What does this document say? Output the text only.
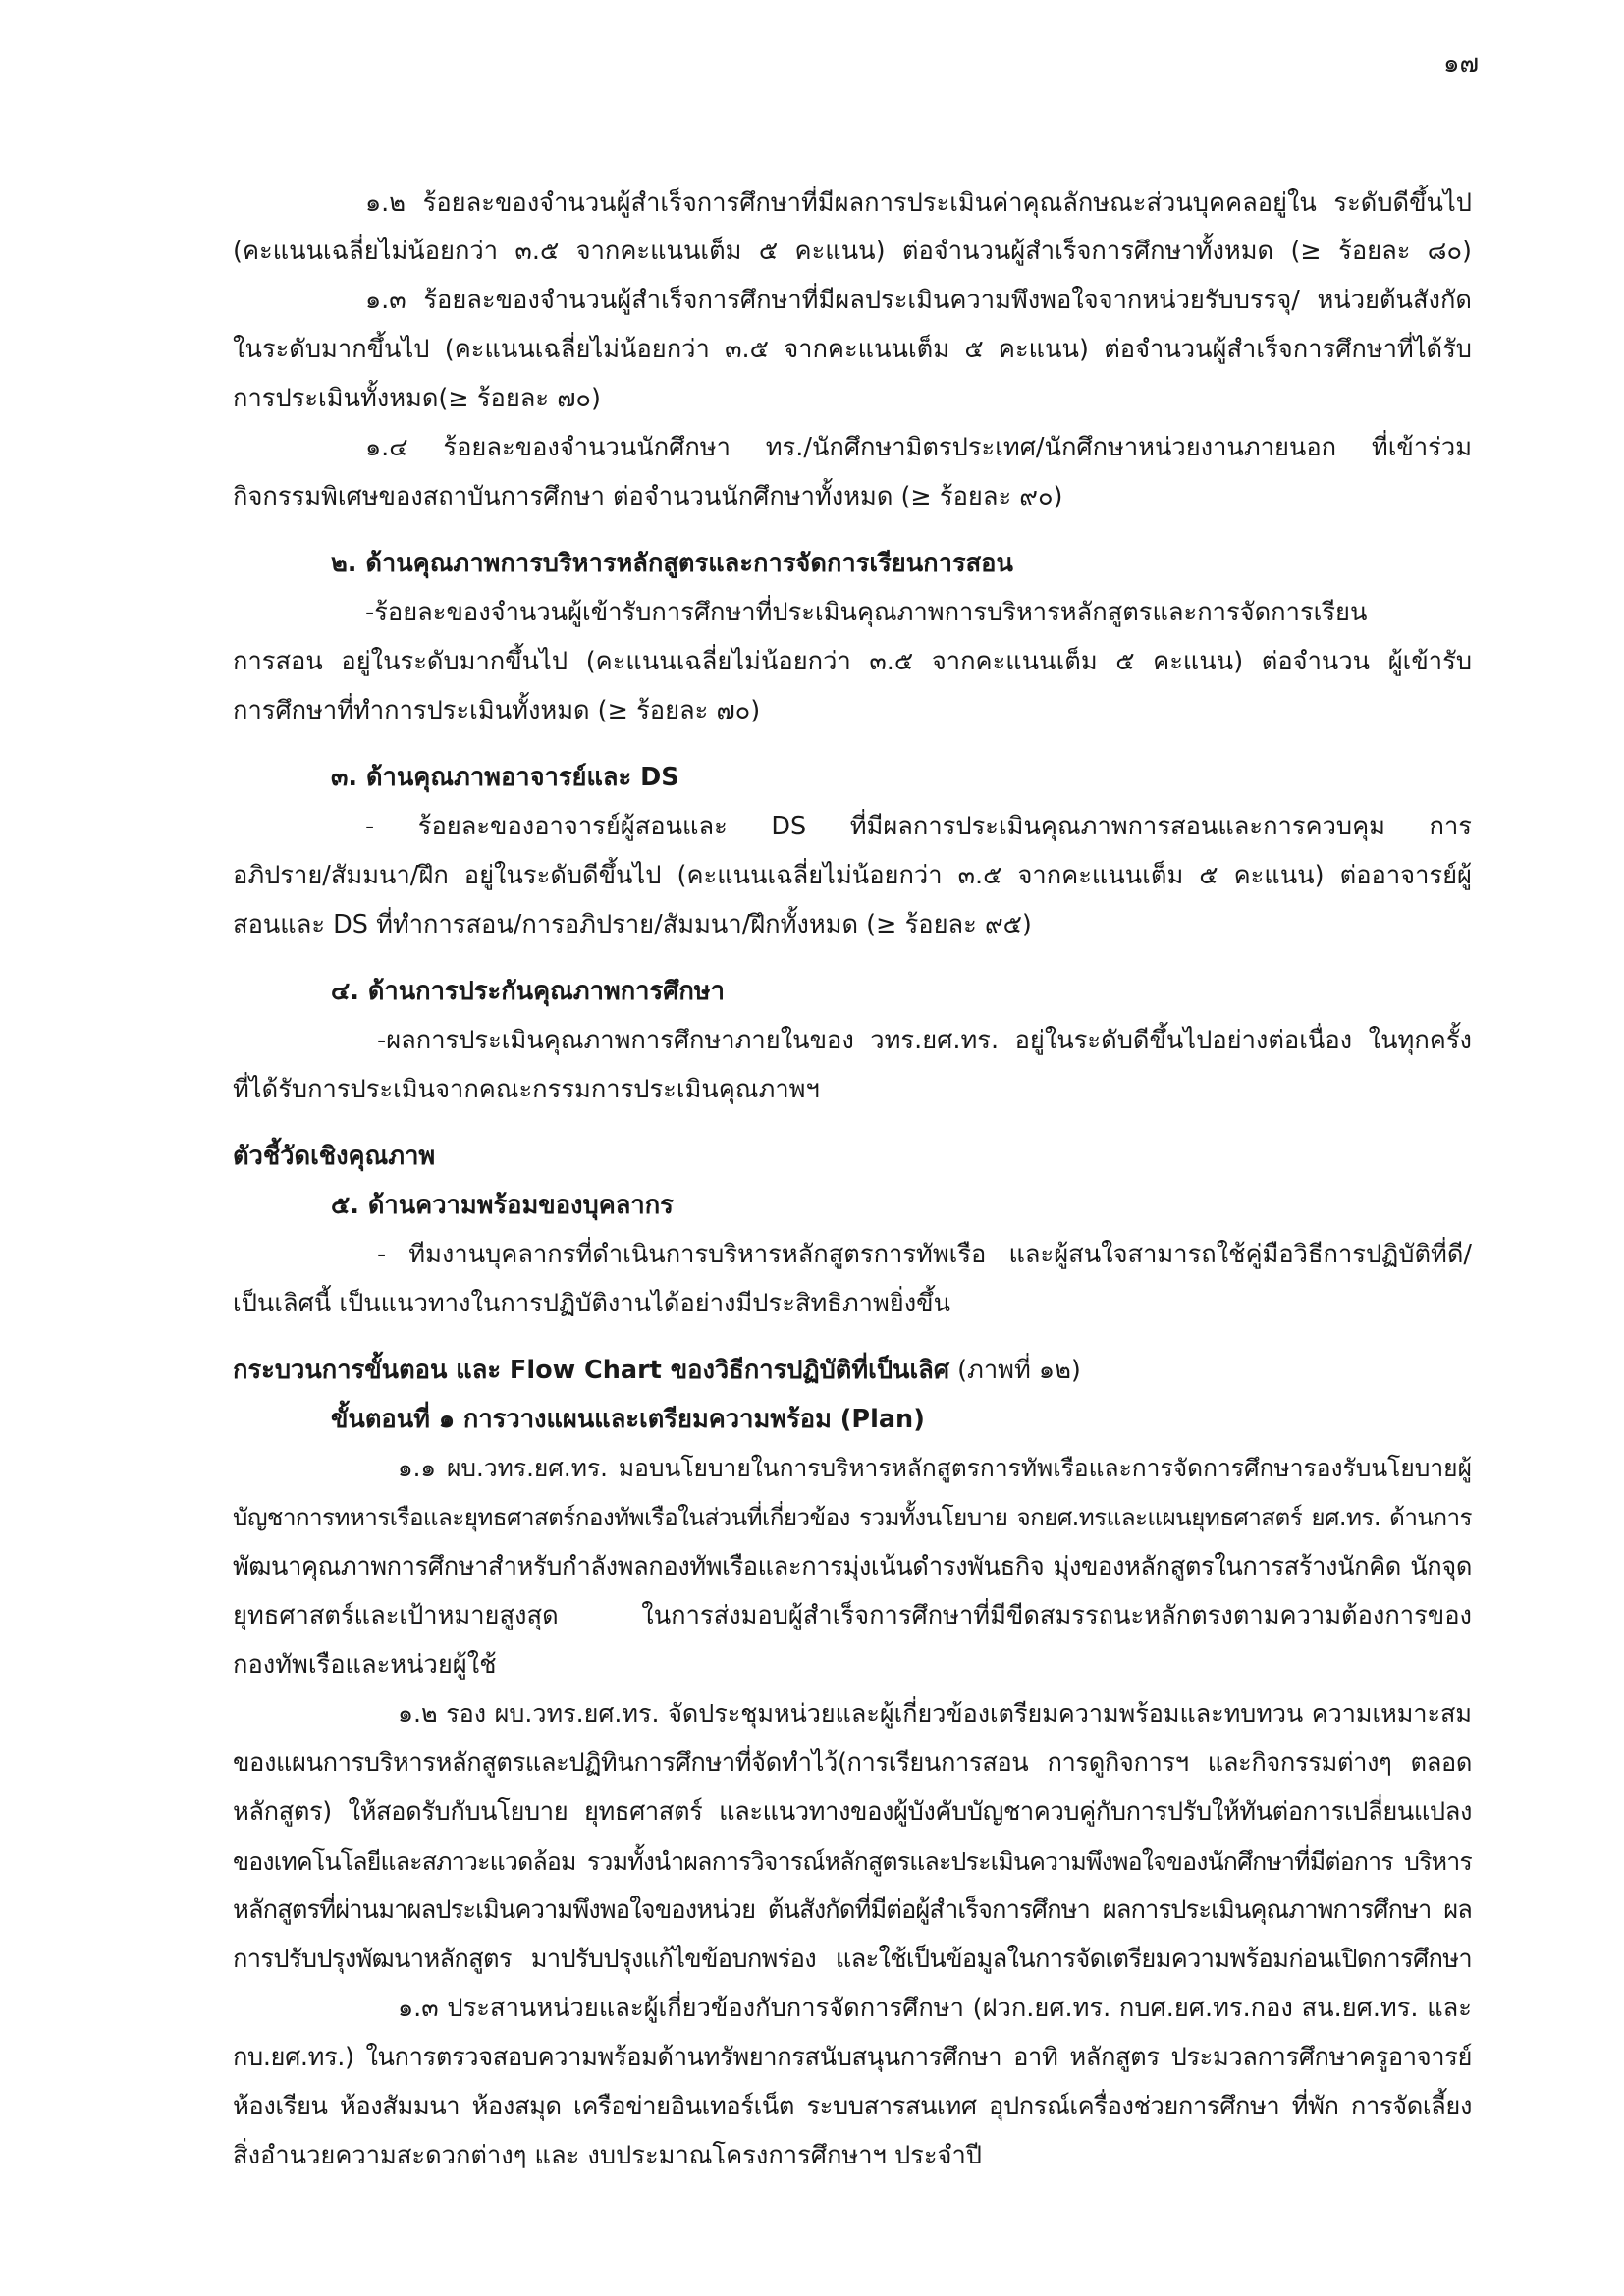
๑๗
๑.๒ ร้อยละของจำนวนผู้สำเร็จการศึกษาที่มีผลการประเมินค่าคุณลักษณะส่วนบุคคลอยู่ใน ระดับดีขึ้นไป
(คะแนนเฉลี่ยไม่น้อยกว่า ๓.๕ จากคะแนนเต็ม ๕ คะแนน) ต่อจำนวนผู้สำเร็จการศึกษาทั้งหมด (≥ ร้อยละ ๘๐)
๑.๓ ร้อยละของจำนวนผู้สำเร็จการศึกษาที่มีผลประเมินความพึงพอใจจากหน่วยรับบรรจุ/ หน่วยต้นสังกัด
ในระดับมากขึ้นไป (คะแนนเฉลี่ยไม่น้อยกว่า ๓.๕ จากคะแนนเต็ม ๕ คะแนน) ต่อจำนวนผู้สำเร็จการศึกษาที่ได้รับ
การประเมินทั้งหมด(≥ ร้อยละ ๗๐)
๑.๔ ร้อยละของจำนวนนักศึกษา ทร./นักศึกษามิตรประเทศ/นักศึกษาหน่วยงานภายนอก ที่เข้าร่วม
กิจกรรมพิเศษของสถาบันการศึกษา ต่อจำนวนนักศึกษาทั้งหมด (≥ ร้อยละ ๙๐)
๒. ด้านคุณภาพการบริหารหลักสูตรและการจัดการเรียนการสอน
-ร้อยละของจำนวนผู้เข้ารับการศึกษาที่ประเมินคุณภาพการบริหารหลักสูตรและการจัดการเรียน
การสอน อยู่ในระดับมากขึ้นไป (คะแนนเฉลี่ยไม่น้อยกว่า ๓.๕ จากคะแนนเต็ม ๕ คะแนน) ต่อจำนวน ผู้เข้ารับ
การศึกษาที่ทำการประเมินทั้งหมด (≥ ร้อยละ ๗๐)
๓. ด้านคุณภาพอาจารย์และ DS
- ร้อยละของอาจารย์ผู้สอนและ DS ที่มีผลการประเมินคุณภาพการสอนและการควบคุม การ
อภิปราย/สัมมนา/ฝึก อยู่ในระดับดีขึ้นไป (คะแนนเฉลี่ยไม่น้อยกว่า ๓.๕ จากคะแนนเต็ม ๕ คะแนน) ต่ออาจารย์ผู้
สอนและ DS ที่ทำการสอน/การอภิปราย/สัมมนา/ฝึกทั้งหมด (≥ ร้อยละ ๙๕)
๔. ด้านการประกันคุณภาพการศึกษา
-ผลการประเมินคุณภาพการศึกษาภายในของ วทร.ยศ.ทร. อยู่ในระดับดีขึ้นไปอย่างต่อเนื่อง ในทุกครั้ง
ที่ได้รับการประเมินจากคณะกรรมการประเมินคุณภาพฯ
ตัวชี้วัดเชิงคุณภาพ
๕. ด้านความพร้อมของบุคลากร
- ทีมงานบุคลากรที่ดำเนินการบริหารหลักสูตรการทัพเรือ และผู้สนใจสามารถใช้คู่มือวิธีการปฏิบัติที่ดี/
เป็นเลิศนี้ เป็นแนวทางในการปฏิบัติงานได้อย่างมีประสิทธิภาพยิ่งขึ้น
กระบวนการขั้นตอน และ Flow Chart ของวิธีการปฏิบัติที่เป็นเลิศ (ภาพที่ ๑๒)
ขั้นตอนที่ ๑ การวางแผนและเตรียมความพร้อม (Plan)
๑.๑ ผบ.วทร.ยศ.ทร. มอบนโยบายในการบริหารหลักสูตรการทัพเรือและการจัดการศึกษารองรับนโยบายผู้
บัญชาการทหารเรือและยุทธศาสตร์กองทัพเรือในส่วนที่เกี่ยวข้อง รวมทั้งนโยบาย จกยศ.ทรและแผนยุทธศาสตร์ ยศ.ทร. ด้านการ
พัฒนาคุณภาพการศึกษาสำหรับกำลังพลกองทัพเรือและการมุ่งเน้นดำรงพันธกิจ มุ่งของหลักสูตรในการสร้างนักคิด นักจุด
ยุทธศาสตร์และเป้าหมายสูงสุด ในการส่งมอบผู้สำเร็จการศึกษาที่มีขีดสมรรถนะหลักตรงตามความต้องการของ
กองทัพเรือและหน่วยผู้ใช้
๑.๒ รอง ผบ.วทร.ยศ.ทร. จัดประชุมหน่วยและผู้เกี่ยวข้องเตรียมความพร้อมและทบทวน ความเหมาะสม
ของแผนการบริหารหลักสูตรและปฏิทินการศึกษาที่จัดทำไว้(การเรียนการสอน การดูกิจการฯ และกิจกรรมต่างๆ ตลอด
หลักสูตร) ให้สอดรับกับนโยบาย ยุทธศาสตร์ และแนวทางของผู้บังคับบัญชาควบคู่กับการปรับให้ทันต่อการเปลี่ยนแปลง
ของเทคโนโลยีและสภาวะแวดล้อม รวมทั้งนำผลการวิจารณ์หลักสูตรและประเมินความพึงพอใจของนักศึกษาที่มีต่อการ บริหาร
หลักสูตรที่ผ่านมาผลประเมินความพึงพอใจของหน่วย ต้นสังกัดที่มีต่อผู้สำเร็จการศึกษา ผลการประเมินคุณภาพการศึกษา ผล
การปรับปรุงพัฒนาหลักสูตร มาปรับปรุงแก้ไขข้อบกพร่อง และใช้เป็นข้อมูลในการจัดเตรียมความพร้อมก่อนเปิดการศึกษา
๑.๓ ประสานหน่วยและผู้เกี่ยวข้องกับการจัดการศึกษา (ฝวก.ยศ.ทร. กบศ.ยศ.ทร.กอง สน.ยศ.ทร. และ
กบ.ยศ.ทร.) ในการตรวจสอบความพร้อมด้านทรัพยากรสนับสนุนการศึกษา อาทิ หลักสูตร ประมวลการศึกษาครูอาจารย์
ห้องเรียน ห้องสัมมนา ห้องสมุด เครือข่ายอินเทอร์เน็ต ระบบสารสนเทศ อุปกรณ์เครื่องช่วยการศึกษา ที่พัก การจัดเลี้ยง
สิ่งอำนวยความสะดวกต่างๆ และ งบประมาณโครงการศึกษาฯ ประจำปี
